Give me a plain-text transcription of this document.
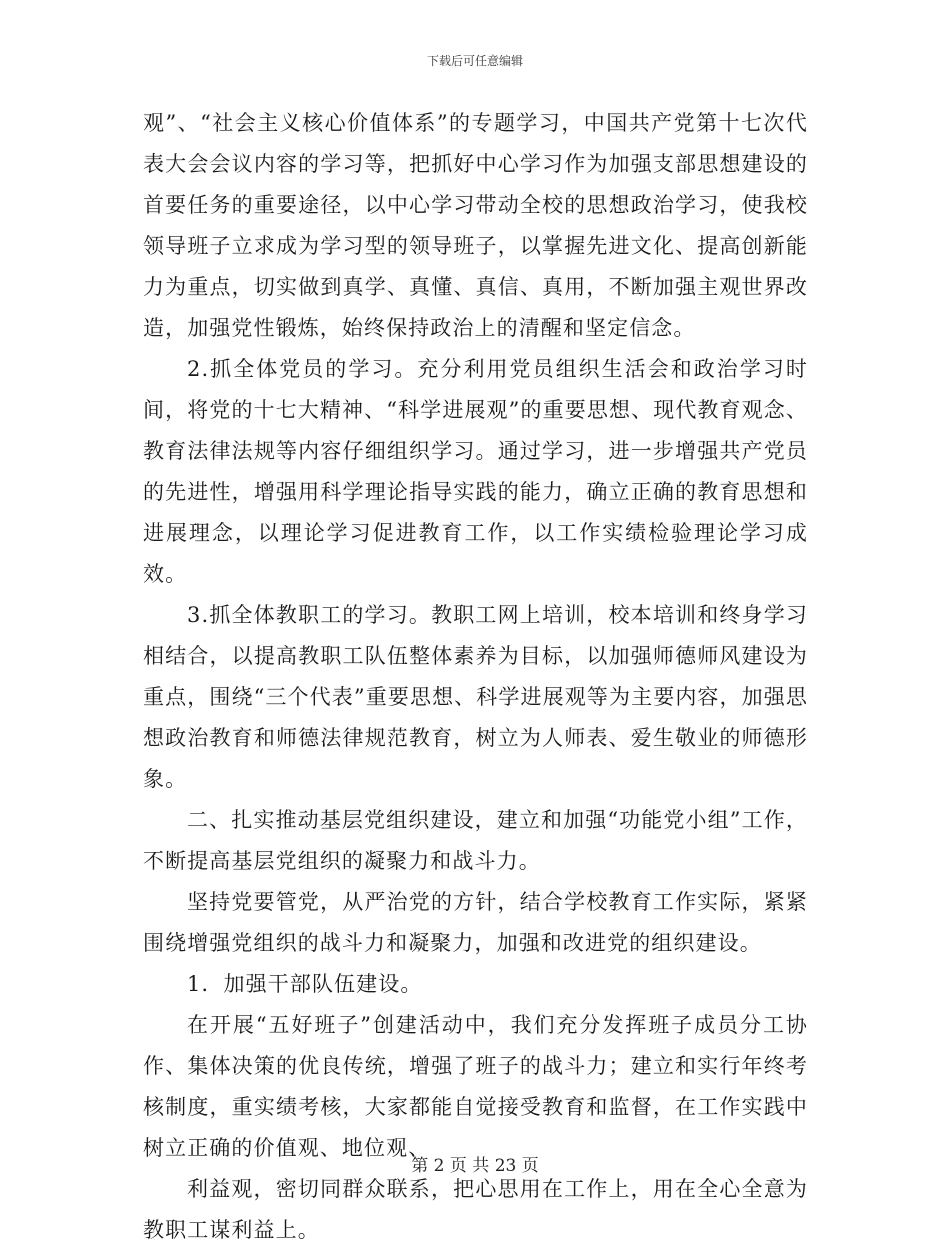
下载后可任意编辑

观”、“社会主义核心价值体系”的专题学习，中国共产党第十七次代表大会会议内容的学习等，把抓好中心学习作为加强支部思想建设的首要任务的重要途径，以中心学习带动全校的思想政治学习，使我校领导班子立求成为学习型的领导班子，以掌握先进文化、提高创新能力为重点，切实做到真学、真懂、真信、真用，不断加强主观世界改造，加强党性锻炼，始终保持政治上的清醒和坚定信念。

2.抓全体党员的学习。充分利用党员组织生活会和政治学习时间，将党的十七大精神、“科学进展观”的重要思想、现代教育观念、教育法律法规等内容仔细组织学习。通过学习，进一步增强共产党员的先进性，增强用科学理论指导实践的能力，确立正确的教育思想和进展理念，以理论学习促进教育工作，以工作实绩检验理论学习成效。

3.抓全体教职工的学习。教职工网上培训，校本培训和终身学习相结合，以提高教职工队伍整体素养为目标，以加强师德师风建设为重点，围绕“三个代表”重要思想、科学进展观等为主要内容，加强思想政治教育和师德法律规范教育，树立为人师表、爱生敬业的师德形象。

二、扎实推动基层党组织建设，建立和加强“功能党小组”工作，不断提高基层党组织的凝聚力和战斗力。

坚持党要管党，从严治党的方针，结合学校教育工作实际，紧紧围绕增强党组织的战斗力和凝聚力，加强和改进党的组织建设。

1．加强干部队伍建设。

在开展“五好班子”创建活动中，我们充分发挥班子成员分工协作、集体决策的优良传统，增强了班子的战斗力；建立和实行年终考核制度，重实绩考核，大家都能自觉接受教育和监督，在工作实践中树立正确的价值观、地位观、

利益观，密切同群众联系，把心思用在工作上，用在全心全意为教职工谋利益上。

第 2 页 共 23 页
